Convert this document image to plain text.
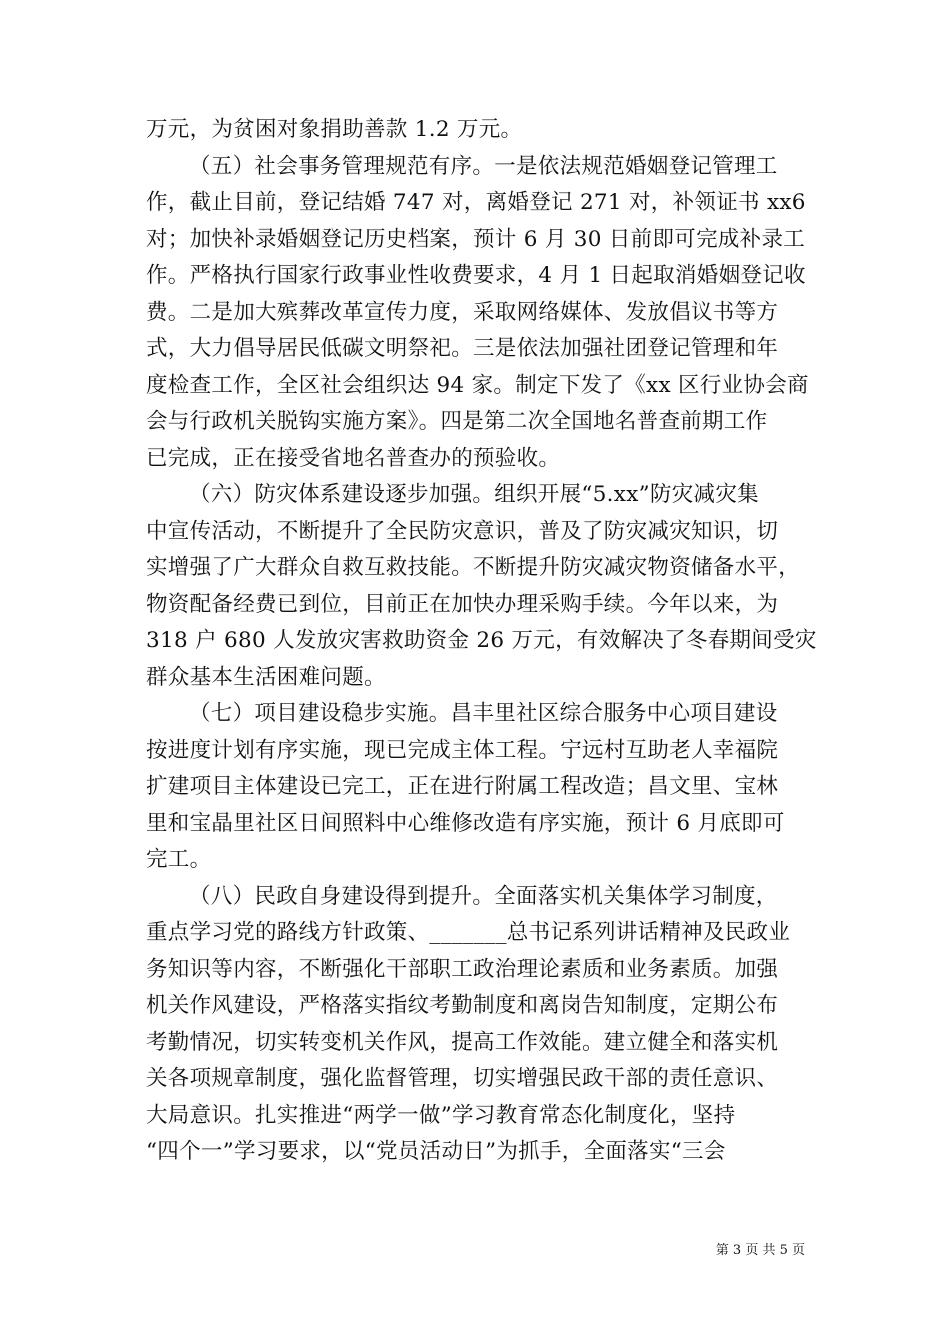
万元，为贫困对象捐助善款 1.2 万元。
（五）社会事务管理规范有序。一是依法规范婚姻登记管理工
作，截止目前，登记结婚 747 对，离婚登记 271 对，补领证书 xx6
对；加快补录婚姻登记历史档案，预计 6 月 30 日前即可完成补录工
作。严格执行国家行政事业性收费要求，4 月 1 日起取消婚姻登记收
费。二是加大殡葬改革宣传力度，采取网络媒体、发放倡议书等方
式，大力倡导居民低碳文明祭祀。三是依法加强社团登记管理和年
度检查工作，全区社会组织达 94 家。制定下发了《xx 区行业协会商
会与行政机关脱钩实施方案》。四是第二次全国地名普查前期工作
已完成，正在接受省地名普查办的预验收。
（六）防灾体系建设逐步加强。组织开展“5.xx”防灾减灾集
中宣传活动，不断提升了全民防灾意识，普及了防灾减灾知识，切
实增强了广大群众自救互救技能。不断提升防灾减灾物资储备水平，
物资配备经费已到位，目前正在加快办理采购手续。今年以来，为
318 户 680 人发放灾害救助资金 26 万元，有效解决了冬春期间受灾
群众基本生活困难问题。
（七）项目建设稳步实施。昌丰里社区综合服务中心项目建设
按进度计划有序实施，现已完成主体工程。宁远村互助老人幸福院
扩建项目主体建设已完工，正在进行附属工程改造；昌文里、宝林
里和宝晶里社区日间照料中心维修改造有序实施，预计 6 月底即可
完工。
（八）民政自身建设得到提升。全面落实机关集体学习制度，
重点学习党的路线方针政策、_______总书记系列讲话精神及民政业
务知识等内容，不断强化干部职工政治理论素质和业务素质。加强
机关作风建设，严格落实指纹考勤制度和离岗告知制度，定期公布
考勤情况，切实转变机关作风，提高工作效能。建立健全和落实机
关各项规章制度，强化监督管理，切实增强民政干部的责任意识、
大局意识。扎实推进“两学一做”学习教育常态化制度化，坚持
“四个一”学习要求，以“党员活动日”为抓手，全面落实“三会
第 3 页 共 5 页
